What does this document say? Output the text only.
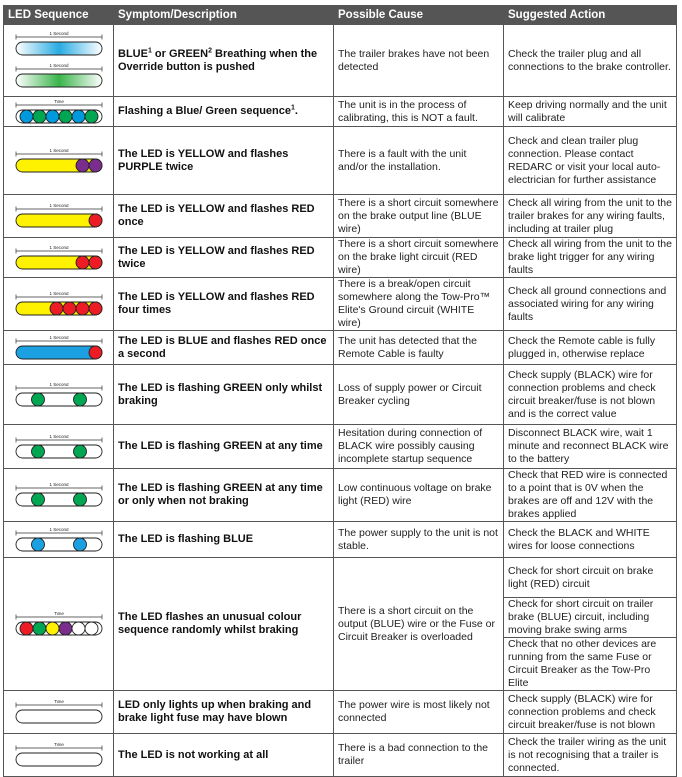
LED Sequence	Symptom/Description	Possible Cause	Suggested Action

1 Second
1 Second	BLUE$^1$ or GREEN$^2$ Breathing when the Override button is pushed	The trailer brakes have not been detected	Check the trailer plug and all connections to the brake controller.

Time	Flashing a Blue/ Green sequence$^1$.	The unit is in the process of calibrating, this is NOT a fault.	Keep driving normally and the unit will calibrate

1 Second	The LED is YELLOW and flashes PURPLE twice	There is a fault with the unit and/or the installation.	Check and clean trailer plug connection. Please contact REDARC or visit your local auto-electrician for further assistance

1 Second	The LED is YELLOW and flashes RED once	There is a short circuit somewhere on the brake output line (BLUE wire)	Check all wiring from the unit to the trailer brakes for any wiring faults, including at trailer plug

1 Second	The LED is YELLOW and flashes RED twice	There is a short circuit somewhere on the brake light circuit (RED wire)	Check all wiring from the unit to the brake light trigger for any wiring faults

1 Second	The LED is YELLOW and flashes RED four times	There is a break/open circuit somewhere along the Tow-Pro™ Elite's Ground circuit (WHITE wire)	Check all ground connections and associated wiring for any wiring faults

1 Second	The LED is BLUE and flashes RED once a second	The unit has detected that the Remote Cable is faulty	Check the Remote cable is fully plugged in, otherwise replace

1 Second	The LED is flashing GREEN only whilst braking	Loss of supply power or Circuit Breaker cycling	Check supply (BLACK) wire for connection problems and check circuit breaker/fuse is not blown and is the correct value

1 Second	The LED is flashing GREEN at any time	Hesitation during connection of BLACK wire possibly causing incomplete startup sequence	Disconnect BLACK wire, wait 1 minute and reconnect BLACK wire to the battery

1 Second	The LED is flashing GREEN at any time or only when not braking	Low continuous voltage on brake light (RED) wire	Check that RED wire is connected to a point that is 0V when the brakes are off and 12V with the brakes applied

1 Second	The LED is flashing BLUE	The power supply to the unit is not stable.	Check the BLACK and WHITE wires for loose connections

Time	The LED flashes an unusual colour sequence randomly whilst braking	There is a short circuit on the output (BLUE) wire or the Fuse or Circuit Breaker is overloaded	Check for short circuit on brake light (RED) circuit
			Check for short circuit on trailer brake (BLUE) circuit, including moving brake swing arms
			Check that no other devices are running from the same Fuse or Circuit Breaker as the Tow-Pro Elite

Time	LED only lights up when braking and brake light fuse may have blown	The power wire is most likely not connected	Check supply (BLACK) wire for connection problems and check circuit breaker/fuse is not blown

Time	The LED is not working at all	There is a bad connection to the trailer	Check the trailer wiring as the unit is not recognising that a trailer is connected.
